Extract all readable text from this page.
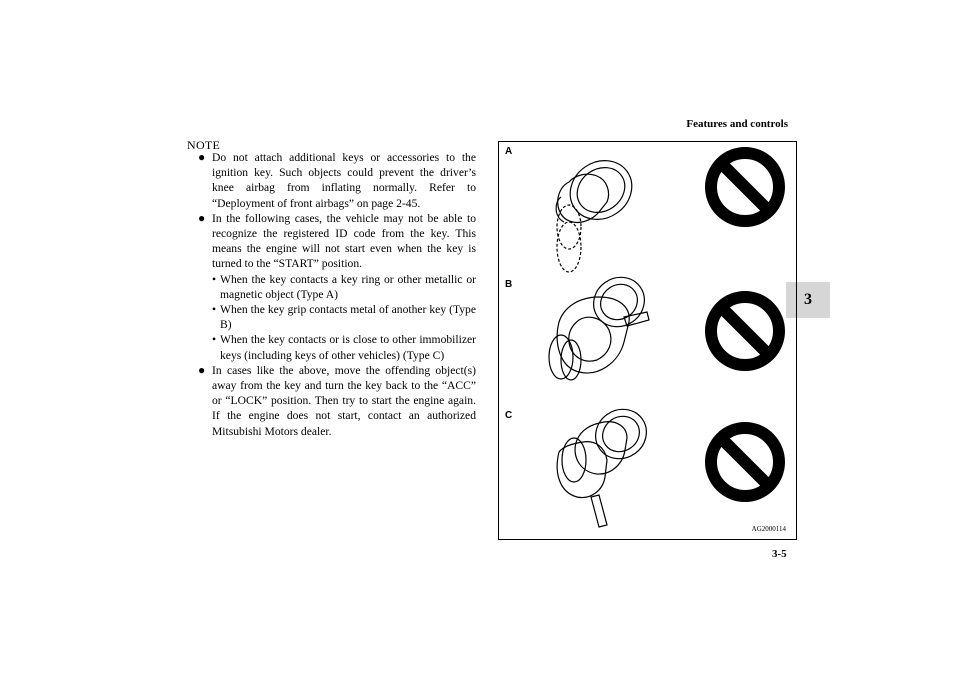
Features and controls
3
NOTE
● Do not attach additional keys or accessories to the ignition key. Such objects could prevent the driver’s knee airbag from inflating normally. Refer to “Deployment of front airbags” on page 2-45.
● In the following cases, the vehicle may not be able to recognize the registered ID code from the key. This means the engine will not start even when the key is turned to the “START” position.
• When the key contacts a key ring or other metallic or magnetic object (Type A)
• When the key grip contacts metal of another key (Type B)
• When the key contacts or is close to other immobilizer keys (including keys of other vehicles) (Type C)
● In cases like the above, move the offending object(s) away from the key and turn the key back to the “ACC” or “LOCK” position. Then try to start the engine again. If the engine does not start, contact an authorized Mitsubishi Motors dealer.
A
B
C
AG2000114
3-5
